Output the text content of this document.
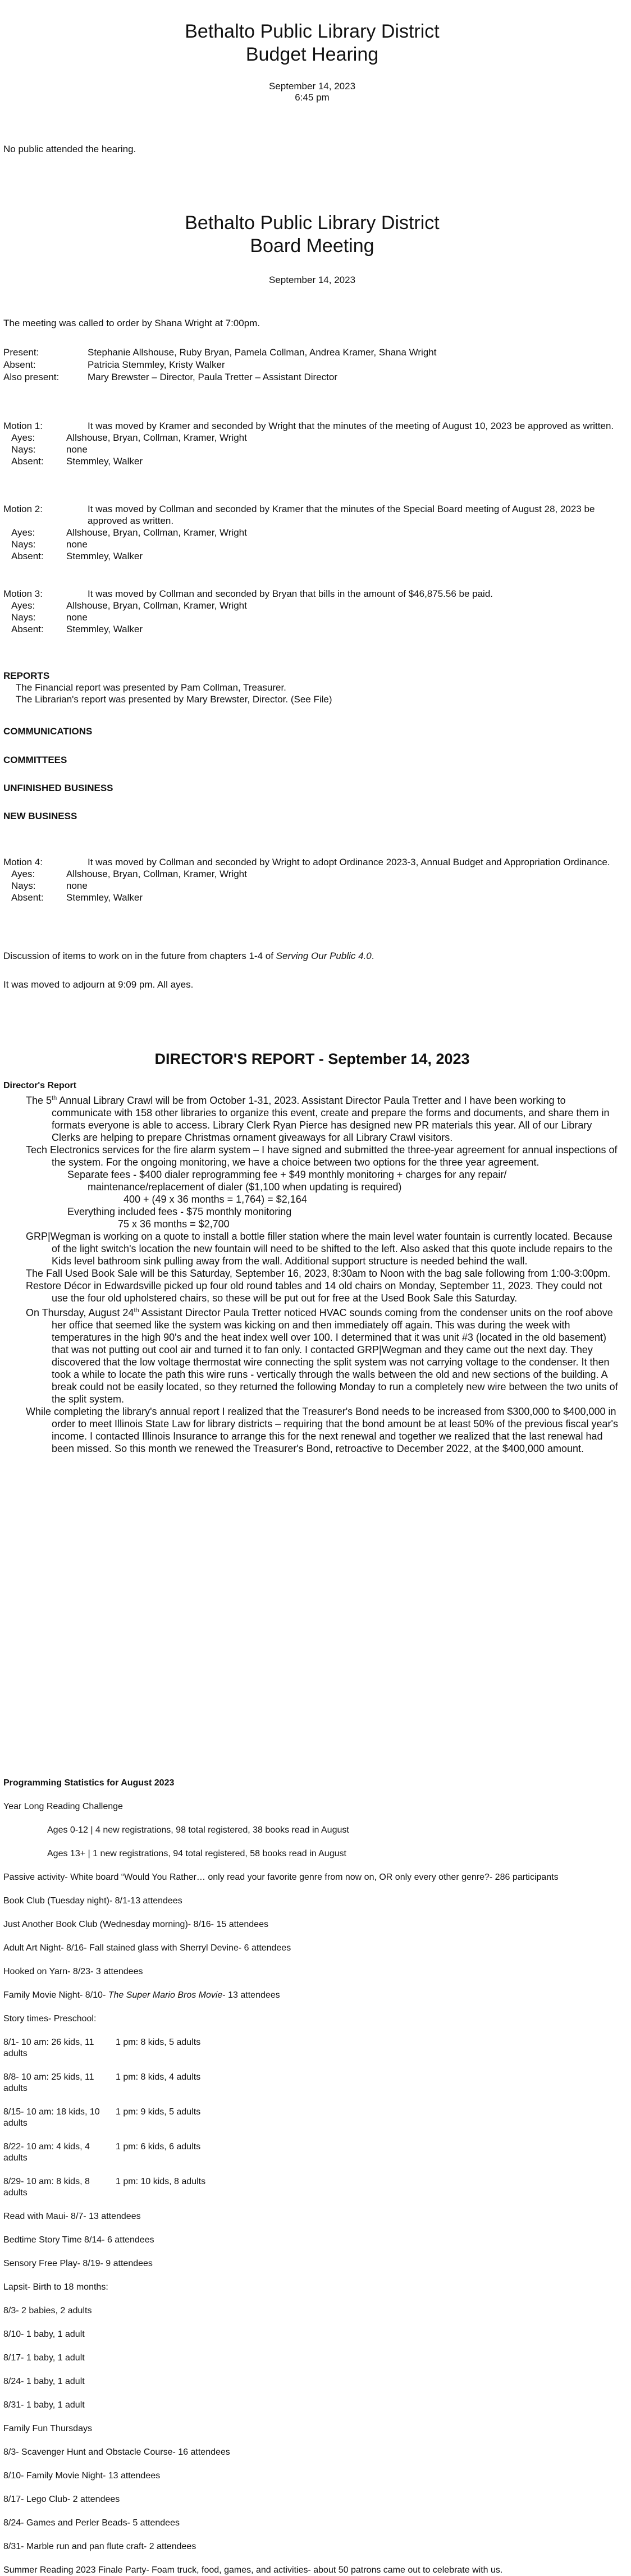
Bethalto Public Library District
Budget Hearing
September 14, 2023
6:45 pm

No public attended the hearing.

Bethalto Public Library District
Board Meeting
September 14, 2023

The meeting was called to order by Shana Wright at 7:00pm.

Present:	Stephanie Allshouse, Ruby Bryan, Pamela Collman, Andrea Kramer, Shana Wright
Absent:	Patricia Stemmley, Kristy Walker
Also present:	Mary Brewster – Director, Paula Tretter – Assistant Director
Motion 1:	It was moved by Kramer and seconded by Wright that the minutes of the meeting of August 10, 2023 be approved as written.
Ayes:	Allshouse, Bryan, Collman, Kramer, Wright
Nays:	none
Absent:	Stemmley, Walker
Motion 2:	It was moved by Collman and seconded by Kramer that the minutes of the Special Board meeting of August 28, 2023 be approved as written.
Ayes:	Allshouse, Bryan, Collman, Kramer, Wright
Nays:	none
Absent:	Stemmley, Walker
Motion 3:	It was moved by Collman and seconded by Bryan that bills in the amount of $46,875.56 be paid.
Ayes:	Allshouse, Bryan, Collman, Kramer, Wright
Nays:	none
Absent:	Stemmley, Walker

REPORTS

The Financial report was presented by Pam Collman, Treasurer.

The Librarian's report was presented by Mary Brewster, Director. (See File)

COMMUNICATIONS

COMMITTEES

UNFINISHED BUSINESS

NEW BUSINESS

Motion 4:	It was moved by Collman and seconded by Wright to adopt Ordinance 2023-3, Annual Budget and Appropriation Ordinance.
Ayes:	Allshouse, Bryan, Collman, Kramer, Wright
Nays:	none
Absent:	Stemmley, Walker

Discussion of items to work on in the future from chapters 1-4 of Serving Our Public 4.0.

It was moved to adjourn at 9:09 pm. All ayes.

DIRECTOR'S REPORT - September 14, 2023

Director's Report

The 5th Annual Library Crawl will be from October 1-31, 2023. Assistant Director Paula Tretter and I have been working to communicate with 158 other libraries to organize this event, create and prepare the forms and documents, and share them in formats everyone is able to access. Library Clerk Ryan Pierce has designed new PR materials this year. All of our Library Clerks are helping to prepare Christmas ornament giveaways for all Library Crawl visitors.

Tech Electronics services for the fire alarm system – I have signed and submitted the three-year agreement for annual inspections of the system. For the ongoing monitoring, we have a choice between two options for the three year agreement.

Separate fees - $400 dialer reprogramming fee + $49 monthly monitoring + charges for any repair/ maintenance/replacement of dialer ($1,100 when updating is required)

400 + (49 x 36 months = 1,764) = $2,164

Everything included fees - $75 monthly monitoring

75 x 36 months = $2,700

GRP|Wegman is working on a quote to install a bottle filler station where the main level water fountain is currently located. Because of the light switch's location the new fountain will need to be shifted to the left. Also asked that this quote include repairs to the Kids level bathroom sink pulling away from the wall. Additional support structure is needed behind the wall.

The Fall Used Book Sale will be this Saturday, September 16, 2023, 8:30am to Noon with the bag sale following from 1:00-3:00pm.

Restore Décor in Edwardsville picked up four old round tables and 14 old chairs on Monday, September 11, 2023. They could not use the four old upholstered chairs, so these will be put out for free at the Used Book Sale this Saturday.

On Thursday, August 24th Assistant Director Paula Tretter noticed HVAC sounds coming from the condenser units on the roof above her office that seemed like the system was kicking on and then immediately off again. This was during the week with temperatures in the high 90's and the heat index well over 100. I determined that it was unit #3 (located in the old basement) that was not putting out cool air and turned it to fan only. I contacted GRP|Wegman and they came out the next day. They discovered that the low voltage thermostat wire connecting the split system was not carrying voltage to the condenser. It then took a while to locate the path this wire runs - vertically through the walls between the old and new sections of the building. A break could not be easily located, so they returned the following Monday to run a completely new wire between the two units of the split system.

While completing the library's annual report I realized that the Treasurer's Bond needs to be increased from $300,000 to $400,000 in order to meet Illinois State Law for library districts – requiring that the bond amount be at least 50% of the previous fiscal year's income. I contacted Illinois Insurance to arrange this for the next renewal and together we realized that the last renewal had been missed. So this month we renewed the Treasurer's Bond, retroactive to December 2022, at the $400,000 amount.

Programming Statistics for August 2023

Year Long Reading Challenge

Ages 0-12 | 4 new registrations, 98 total registered, 38 books read in August

Ages 13+ | 1 new registrations, 94 total registered, 58 books read in August

Passive activity- White board “Would You Rather… only read your favorite genre from now on, OR only every other genre?- 286 participants

Book Club (Tuesday night)- 8/1-13 attendees

Just Another Book Club (Wednesday morning)- 8/16- 15 attendees

Adult Art Night- 8/16- Fall stained glass with Sherryl Devine- 6 attendees

Hooked on Yarn- 8/23- 3 attendees

Family Movie Night- 8/10- The Super Mario Bros Movie- 13 attendees

Story times- Preschool:

8/1- 10 am: 26 kids, 11 adults
1 pm: 8 kids, 5 adults
8/8- 10 am: 25 kids, 11 adults
1 pm: 8 kids, 4 adults
8/15- 10 am: 18 kids, 10 adults
1 pm: 9 kids, 5 adults
8/22- 10 am: 4 kids, 4 adults
1 pm: 6 kids, 6 adults
8/29- 10 am: 8 kids, 8 adults
1 pm: 10 kids, 8 adults

Read with Maui- 8/7- 13 attendees

Bedtime Story Time 8/14- 6 attendees

Sensory Free Play- 8/19- 9 attendees

Lapsit- Birth to 18 months:

8/3- 2 babies, 2 adults

8/10- 1 baby, 1 adult

8/17- 1 baby, 1 adult

8/24- 1 baby, 1 adult

8/31- 1 baby, 1 adult

Family Fun Thursdays

8/3- Scavenger Hunt and Obstacle Course- 16 attendees

8/10- Family Movie Night- 13 attendees

8/17- Lego Club- 2 attendees

8/24- Games and Perler Beads- 5 attendees

8/31- Marble run and pan flute craft- 2 attendees

Summer Reading 2023 Finale Party- Foam truck, food, games, and activities- about 50 patrons came out to celebrate with us.
